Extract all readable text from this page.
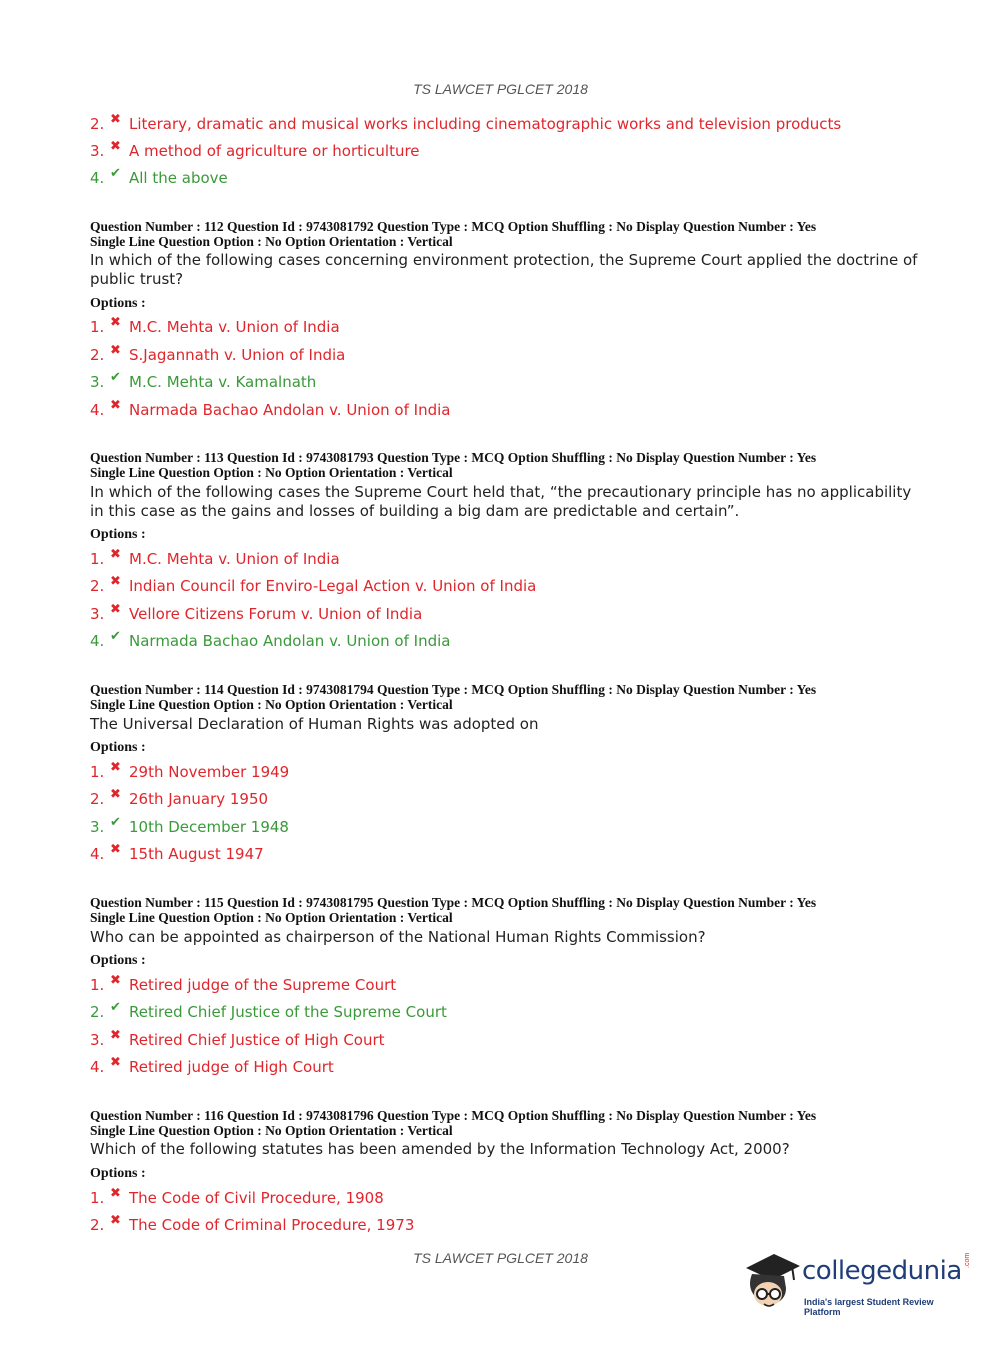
TS LAWCET PGLCET 2018
2. ✖ Literary, dramatic and musical works including cinematographic works and television products
3. ✖ A method of agriculture or horticulture
4. ✔ All the above
Question Number : 112 Question Id : 9743081792 Question Type : MCQ Option Shuffling : No Display Question Number : Yes
Single Line Question Option : No Option Orientation : Vertical
In which of the following cases concerning environment protection, the Supreme Court applied the doctrine of public trust?
Options :
1. ✖ M.C. Mehta v. Union of India
2. ✖ S.Jagannath v. Union of India
3. ✔ M.C. Mehta v. Kamalnath
4. ✖ Narmada Bachao Andolan v. Union of India
Question Number : 113 Question Id : 9743081793 Question Type : MCQ Option Shuffling : No Display Question Number : Yes
Single Line Question Option : No Option Orientation : Vertical
In which of the following cases the Supreme Court held that, “the precautionary principle has no applicability in this case as the gains and losses of building a big dam are predictable and certain”.
Options :
1. ✖ M.C. Mehta v. Union of India
2. ✖ Indian Council for Enviro-Legal Action v. Union of India
3. ✖ Vellore Citizens Forum v. Union of India
4. ✔ Narmada Bachao Andolan v. Union of India
Question Number : 114 Question Id : 9743081794 Question Type : MCQ Option Shuffling : No Display Question Number : Yes
Single Line Question Option : No Option Orientation : Vertical
The Universal Declaration of Human Rights was adopted on
Options :
1. ✖ 29th November 1949
2. ✖ 26th January 1950
3. ✔ 10th December 1948
4. ✖ 15th August 1947
Question Number : 115 Question Id : 9743081795 Question Type : MCQ Option Shuffling : No Display Question Number : Yes
Single Line Question Option : No Option Orientation : Vertical
Who can be appointed as chairperson of the National Human Rights Commission?
Options :
1. ✖ Retired judge of the Supreme Court
2. ✔ Retired Chief Justice of the Supreme Court
3. ✖ Retired Chief Justice of High Court
4. ✖ Retired judge of High Court
Question Number : 116 Question Id : 9743081796 Question Type : MCQ Option Shuffling : No Display Question Number : Yes
Single Line Question Option : No Option Orientation : Vertical
Which of the following statutes has been amended by the Information Technology Act, 2000?
Options :
1. ✖ The Code of Civil Procedure, 1908
2. ✖ The Code of Criminal Procedure, 1973
TS LAWCET PGLCET 2018	collegedunia .com
India's largest Student Review Platform
